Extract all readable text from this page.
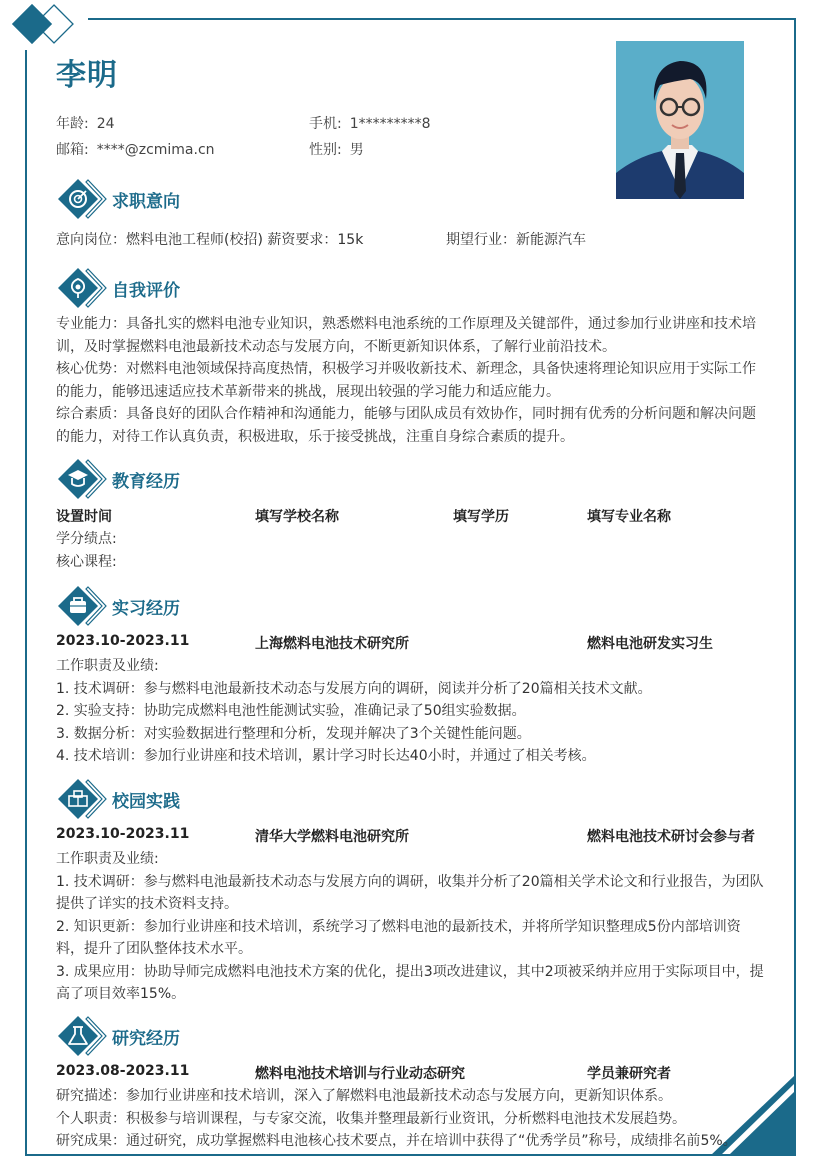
李明
年龄: 24	手机: 1*********8
邮箱: ****@zcmima.cn	性别: 男
求职意向
意向岗位：燃料电池工程师(校招) 薪资要求：15k	期望行业：新能源汽车
自我评价
专业能力：具备扎实的燃料电池专业知识，熟悉燃料电池系统的工作原理及关键部件，通过参加行业讲座和技术培
训，及时掌握燃料电池最新技术动态与发展方向，不断更新知识体系，了解行业前沿技术。
核心优势：对燃料电池领域保持高度热情，积极学习并吸收新技术、新理念，具备快速将理论知识应用于实际工作
的能力，能够迅速适应技术革新带来的挑战，展现出较强的学习能力和适应能力。
综合素质：具备良好的团队合作精神和沟通能力，能够与团队成员有效协作，同时拥有优秀的分析问题和解决问题
的能力，对待工作认真负责，积极进取，乐于接受挑战，注重自身综合素质的提升。
教育经历
设置时间	填写学校名称	填写学历	填写专业名称
学分绩点:
核心课程:
实习经历
2023.10-2023.11	上海燃料电池技术研究所	燃料电池研发实习生
工作职责及业绩:
1. 技术调研：参与燃料电池最新技术动态与发展方向的调研，阅读并分析了20篇相关技术文献。
2. 实验支持：协助完成燃料电池性能测试实验，准确记录了50组实验数据。
3. 数据分析：对实验数据进行整理和分析，发现并解决了3个关键性能问题。
4. 技术培训：参加行业讲座和技术培训，累计学习时长达40小时，并通过了相关考核。
校园实践
2023.10-2023.11	清华大学燃料电池研究所	燃料电池技术研讨会参与者
工作职责及业绩:
1. 技术调研：参与燃料电池最新技术动态与发展方向的调研，收集并分析了20篇相关学术论文和行业报告，为团队
提供了详实的技术资料支持。
2. 知识更新：参加行业讲座和技术培训，系统学习了燃料电池的最新技术，并将所学知识整理成5份内部培训资
料，提升了团队整体技术水平。
3. 成果应用：协助导师完成燃料电池技术方案的优化，提出3项改进建议，其中2项被采纳并应用于实际项目中，提
高了项目效率15%。
研究经历
2023.08-2023.11	燃料电池技术培训与行业动态研究	学员兼研究者
研究描述：参加行业讲座和技术培训，深入了解燃料电池最新技术动态与发展方向，更新知识体系。
个人职责：积极参与培训课程，与专家交流，收集并整理最新行业资讯，分析燃料电池技术发展趋势。
研究成果：通过研究，成功掌握燃料电池核心技术要点，并在培训中获得了“优秀学员”称号，成绩排名前5%。
